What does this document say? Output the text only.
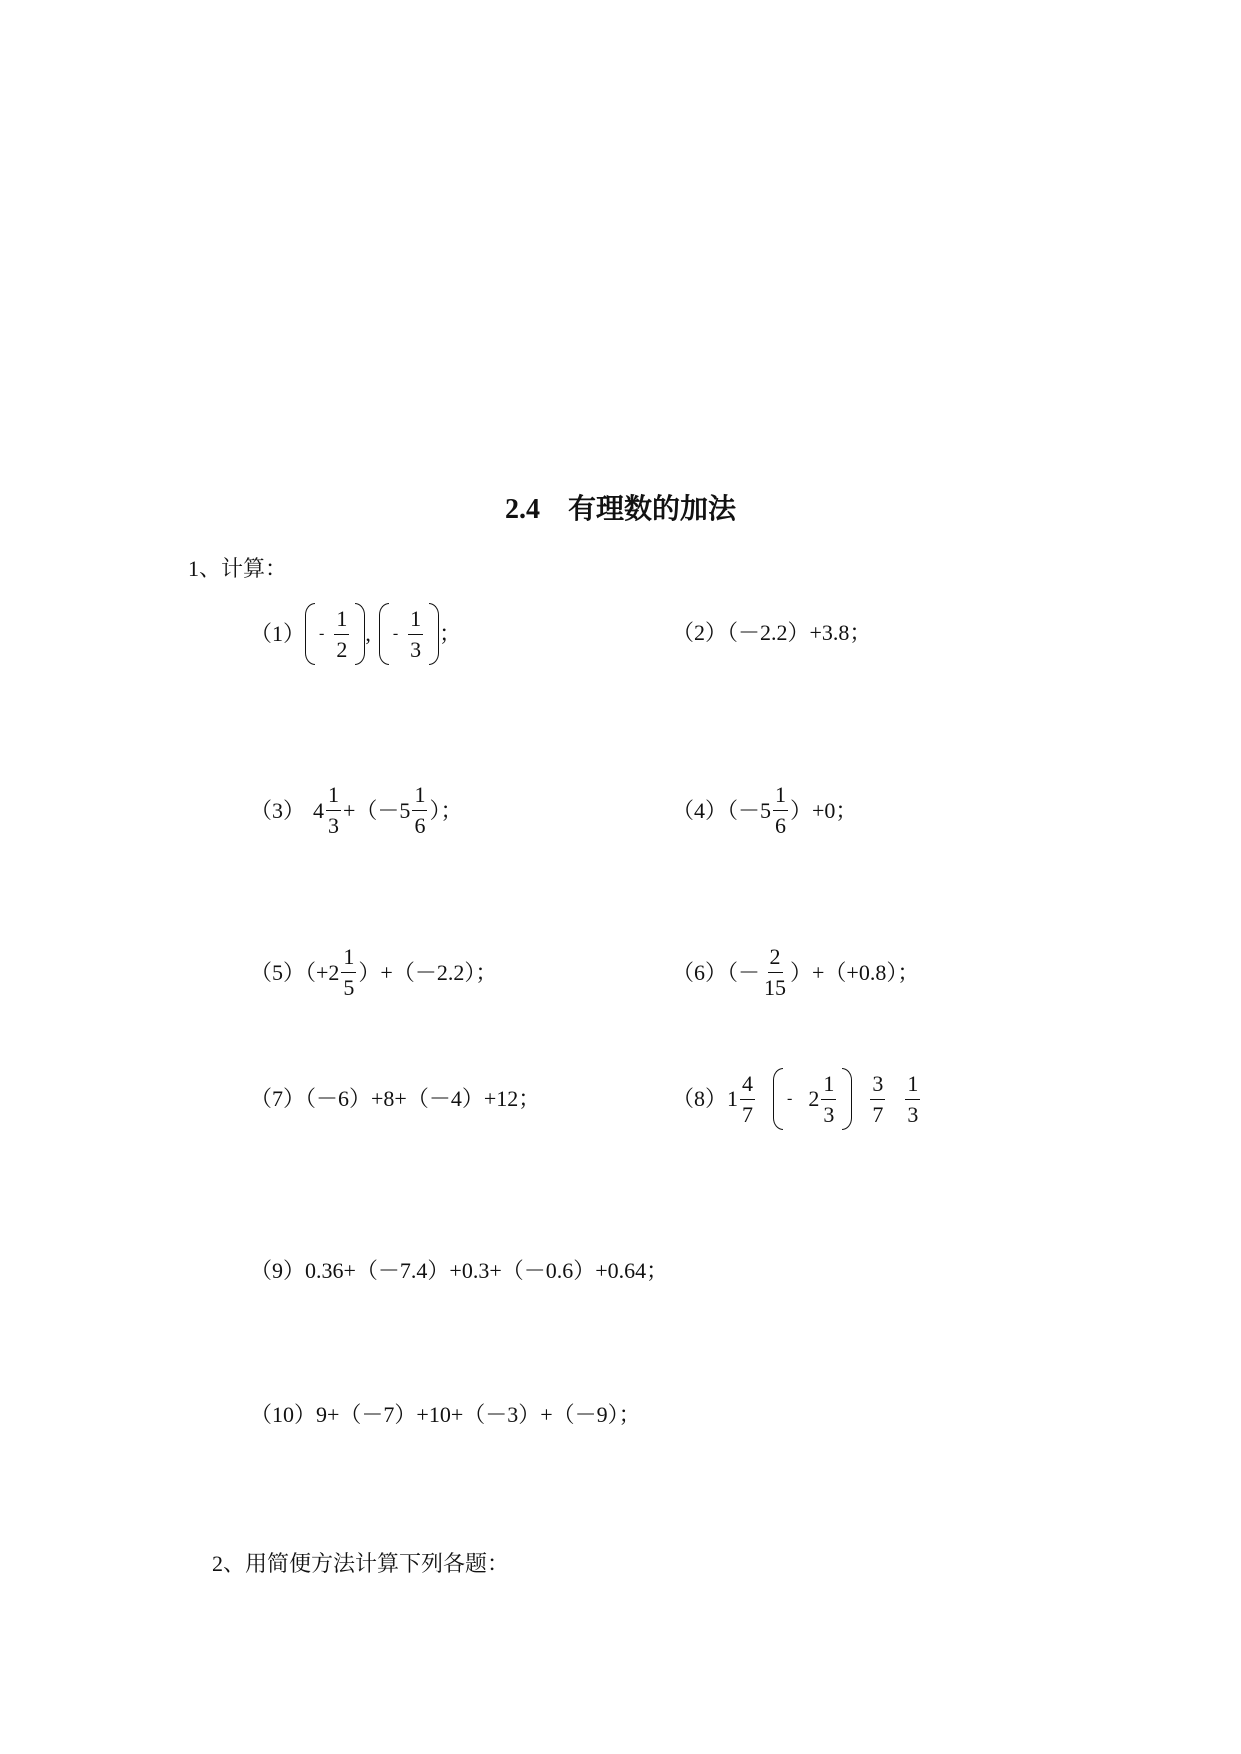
2.4 有理数的加法
1、计算：
$(1) - \frac{1}{2}$ , - $\frac{1}{3}$ ；	（2）（－2.2）+3.8；
（3） $4 \frac{1}{3} +(-5 \frac{1}{6}$ ）；	$(4)(-5 \frac{1}{6} )+0$；
$(5)(+2 \frac{1}{5} )+(-2.2)$；	$(6)(- \frac{2}{15} )+(+0.8)$；
（7）（－6）+8+（－4）+12；	（8） $1 \frac{4}{7} - 2 \frac{1}{3} \frac{3}{7} \frac{1}{3}$
（9）0.36+（－7.4）+0.3+（－0.6）+0.64；
（10）9+（－7）+10+（－3）+（－9）；
2、用简便方法计算下列各题：
